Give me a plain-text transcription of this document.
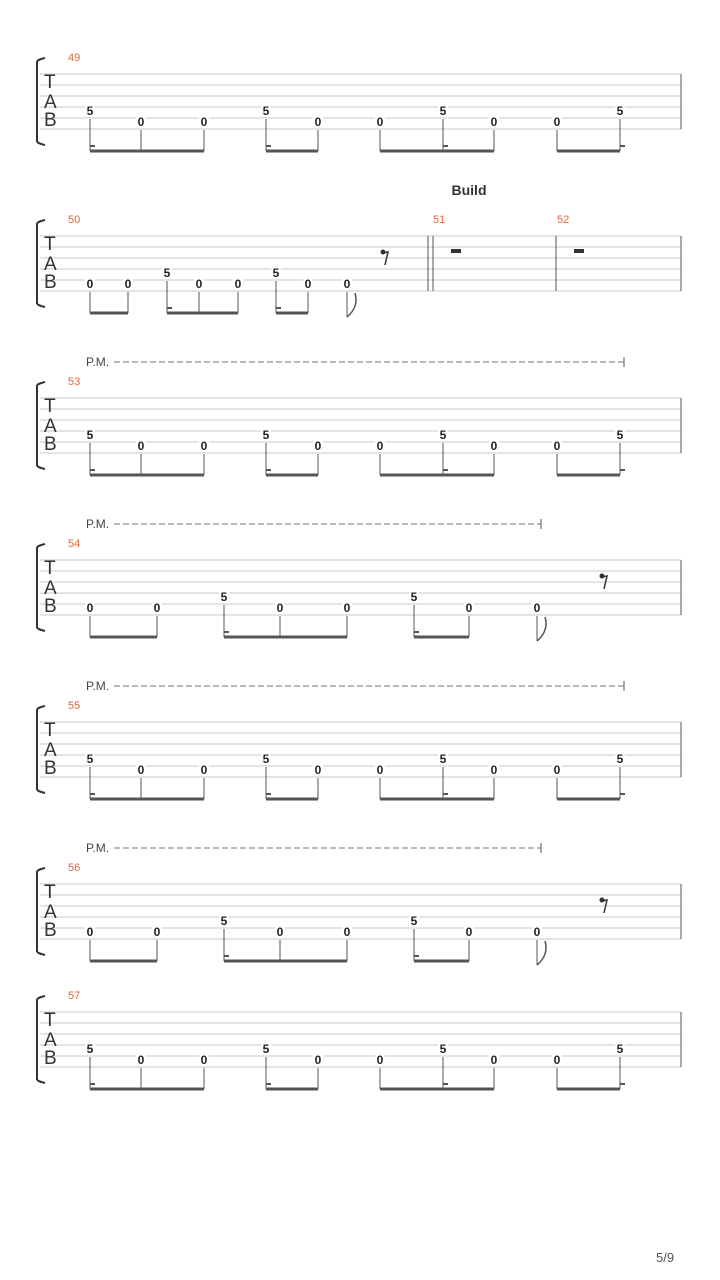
T
A
B
49
5
0	0
5
0	0
5
0	0
5
T
A
B
50	51	52
Build
0	0
5
0	0
5
0	0
T
A
B
53
P.M.
5
0	0
5
0	0
5
0	0
5
T
A
B
54
P.M.
0	0
5
0	0
5
0	0
T
A
B
55
P.M.
5
0	0
5
0	0
5
0	0
5
T
A
B
56
P.M.
0	0
5
0	0
5
0	0
T
A
B
57
5
0	0
5
0	0
5
0	0
5
5/9
